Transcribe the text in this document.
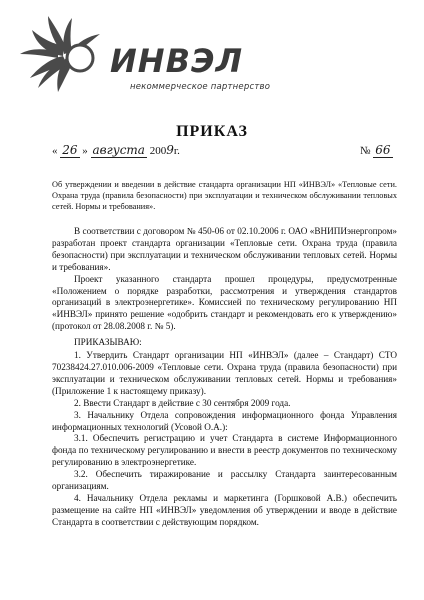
ИНВЭЛ
некоммерческое партнерство
ПРИКАЗ
« 26 » августа 2009г.	№ 66
Об утверждении и введении в действие стандарта организации НП «ИНВЭЛ» «Тепловые сети. Охрана труда (правила безопасности) при эксплуатации и техническом обслуживании тепловых сетей. Нормы и требования».

В соответствии с договором № 450-06 от 02.10.2006 г. ОАО «ВНИПИэнергопром» разработан проект стандарта организации «Тепловые сети. Охрана труда (правила безопасности) при эксплуатации и техническом обслуживании тепловых сетей. Нормы и требования».

Проект указанного стандарта прошел процедуры, предусмотренные «Положением о порядке разработки, рассмотрения и утверждения стандартов организаций в электроэнергетике». Комиссией по техническому регулированию НП «ИНВЭЛ» принято решение «одобрить стандарт и рекомендовать его к утверждению» (протокол от 28.08.2008 г. № 5).

ПРИКАЗЫВАЮ:

1. Утвердить Стандарт организации НП «ИНВЭЛ» (далее – Стандарт) СТО 70238424.27.010.006-2009 «Тепловые сети. Охрана труда (правила безопасности) при эксплуатации и техническом обслуживании тепловых сетей. Нормы и требования» (Приложение 1 к настоящему приказу).

2. Ввести Стандарт в действие с 30 сентября 2009 года.

3. Начальнику Отдела сопровождения информационного фонда Управления информационных технологий (Усовой О.А.):

3.1. Обеспечить регистрацию и учет Стандарта в системе Информационного фонда по техническому регулированию и внести в реестр документов по техническому регулированию в электроэнергетике.

3.2. Обеспечить тиражирование и рассылку Стандарта заинтересованным организациям.

4. Начальнику Отдела рекламы и маркетинга (Горшковой А.В.) обеспечить размещение на сайте НП «ИНВЭЛ» уведомления об утверждении и вводе в действие Стандарта в соответствии с действующим порядком.
